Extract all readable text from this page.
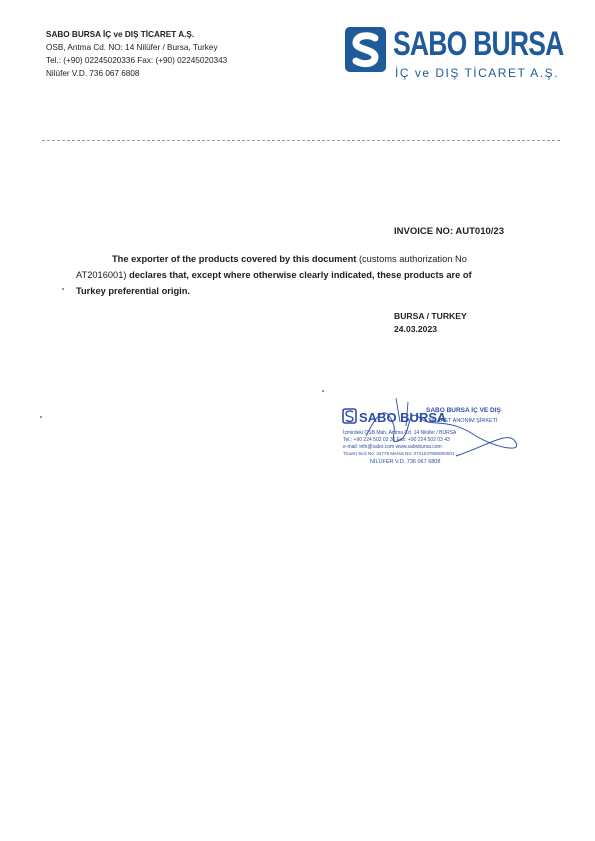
SABO BURSA İÇ ve DIŞ TİCARET A.Ş.
OSB, Antma Cd. NO: 14 Nilüfer / Bursa, Turkey
Tel.: (+90) 02245020336 Fax: (+90) 02245020343
Nilüfer V.D. 736 067 6808
SABO BURSA
İÇ ve DIŞ TİCARET A.Ş.
INVOICE NO: AUT010/23

The exporter of the products covered by this document (customs authorization No

AT2016001) declares that, except where otherwise clearly indicated, these products are of

Turkey preferential origin.

BURSA / TURKEY
24.03.2023
SABO BURSA
SABO BURSA İÇ VE DIŞ
TİCARET ANONİM ŞİRKETİ
İzmirdeki OSB Mah. Antma Cd. 14 Nilüfer / BURSA
Tel.: +90 224 502 03 36 Fax: +90 224 502 03 43
e-mail: info@sabo.com www.sabobursa.com
Ticaret Sicil No: 34778 Mersis No: 0741047680800001
NİLÜFER V.D. 736 067 6808
